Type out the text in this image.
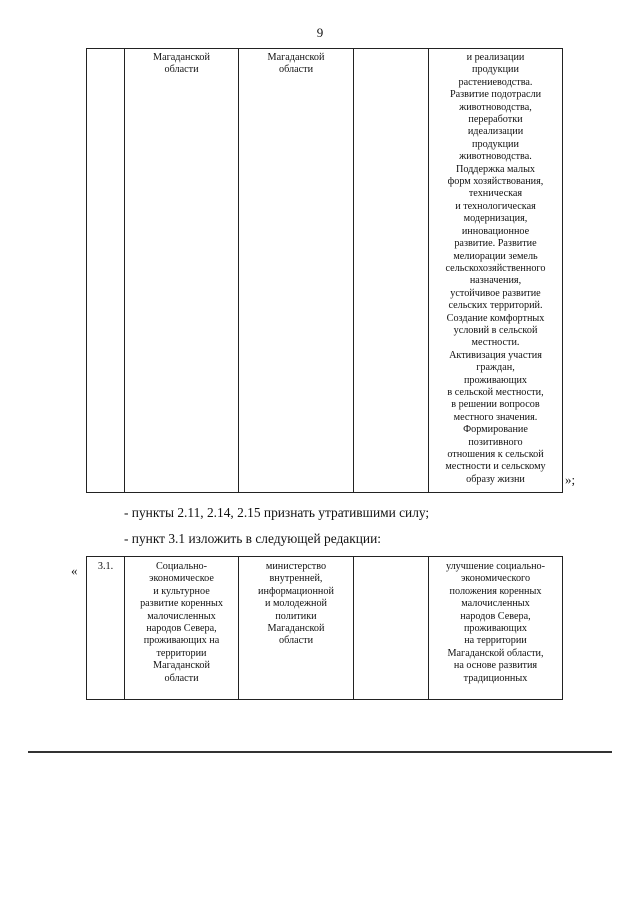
9
	Магаданской
области	Магаданской
области		и реализации
продукции
растениеводства.
Развитие подотрасли
животноводства,
переработки
идеализации
продукции
животноводства.
Поддержка малых
форм хозяйствования,
техническая
и технологическая
модернизация,
инновационное
развитие. Развитие
мелиорации земель
сельскохозяйственного
назначения,
устойчивое развитие
сельских территорий.
Создание комфортных
условий в сельской
местности.
Активизация участия
граждан,
проживающих
в сельской местности,
в решении вопросов
местного значения.
Формирование
позитивного
отношения к сельской
местности и сельскому
образу жизни	»;
- пункты 2.11, 2.14, 2.15 признать утратившими силу;
- пункт 3.1 изложить в следующей редакции:
« 3.1.	Социально-
экономическое
и культурное
развитие коренных
малочисленных
народов Севера,
проживающих на
территории
Магаданской
области	министерство
внутренней,
информационной
и молодежной
политики
Магаданской
области		улучшение социально-
экономического
положения коренных
малочисленных
народов Севера,
проживающих
на территории
Магаданской области,
на основе развития
традиционных
